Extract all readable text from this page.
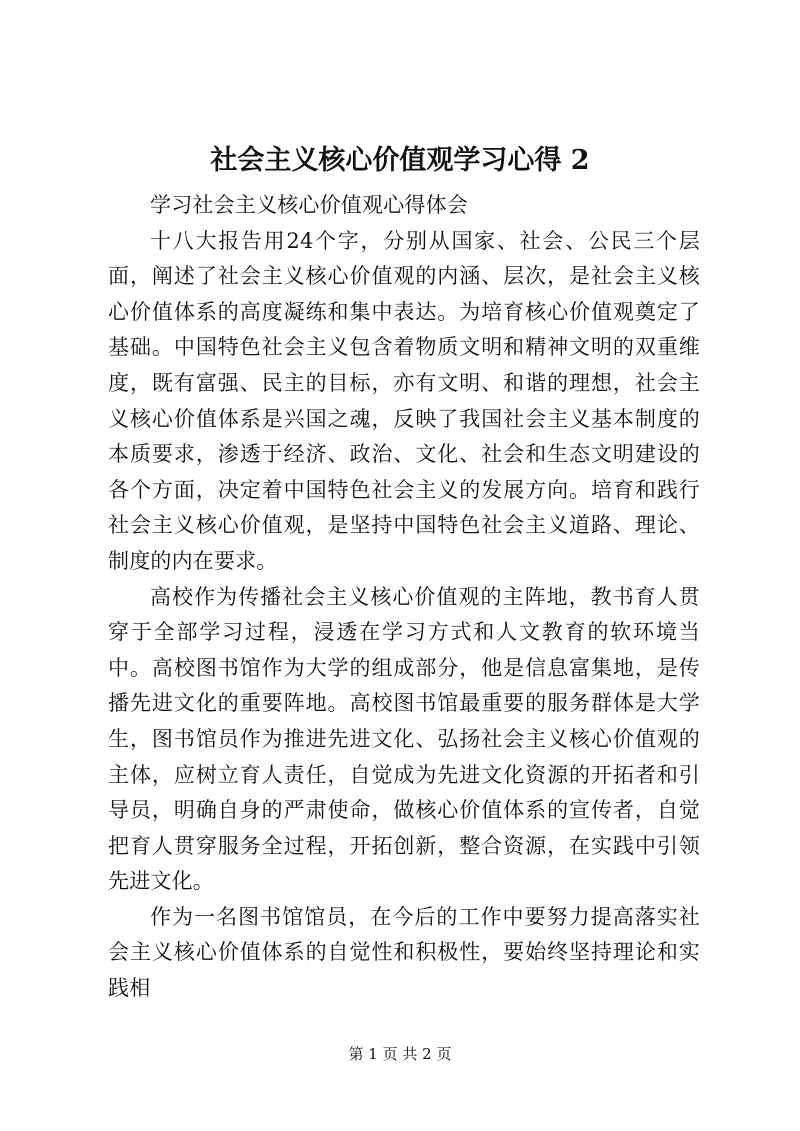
社会主义核心价值观学习心得 2

学习社会主义核心价值观心得体会

十八大报告用24个字，分别从国家、社会、公民三个层面，阐述了社会主义核心价值观的内涵、层次，是社会主义核心价值体系的高度凝练和集中表达。为培育核心价值观奠定了基础。中国特色社会主义包含着物质文明和精神文明的双重维度，既有富强、民主的目标，亦有文明、和谐的理想，社会主义核心价值体系是兴国之魂，反映了我国社会主义基本制度的本质要求，渗透于经济、政治、文化、社会和生态文明建设的各个方面，决定着中国特色社会主义的发展方向。培育和践行社会主义核心价值观，是坚持中国特色社会主义道路、理论、制度的内在要求。

高校作为传播社会主义核心价值观的主阵地，教书育人贯穿于全部学习过程，浸透在学习方式和人文教育的软环境当中。高校图书馆作为大学的组成部分，他是信息富集地，是传播先进文化的重要阵地。高校图书馆最重要的服务群体是大学生，图书馆员作为推进先进文化、弘扬社会主义核心价值观的主体，应树立育人责任，自觉成为先进文化资源的开拓者和引导员，明确自身的严肃使命，做核心价值体系的宣传者，自觉把育人贯穿服务全过程，开拓创新，整合资源，在实践中引领先进文化。

作为一名图书馆馆员，在今后的工作中要努力提高落实社会主义核心价值体系的自觉性和积极性，要始终坚持理论和实践相

第 1 页 共 2 页
